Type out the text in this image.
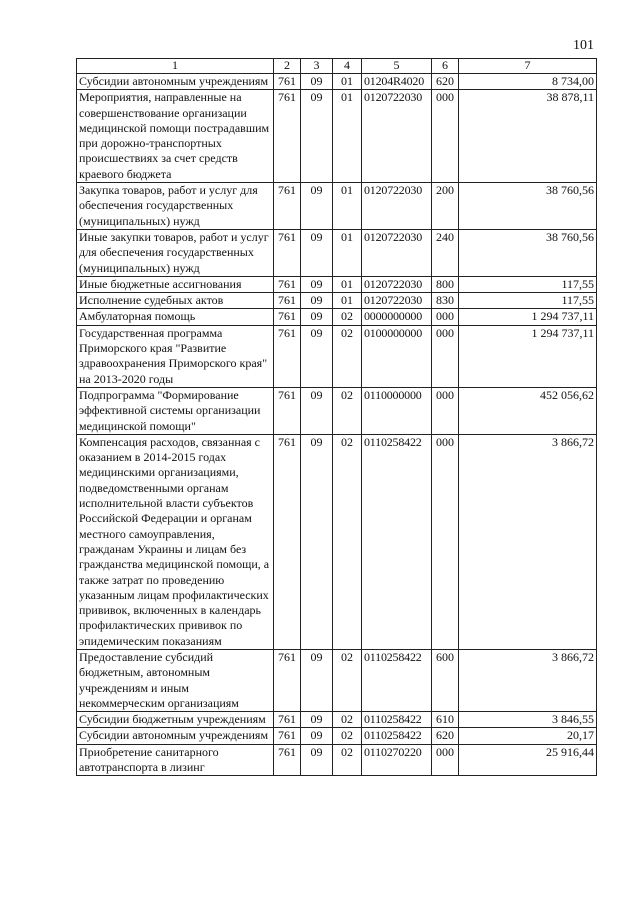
101
1	2	3	4	5	6	7
Субсидии автономным учреждениям	761	09	01	01204R4020	620	8 734,00
Мероприятия, направленные на совершенствование организации медицинской помощи пострадавшим при дорожно-транспортных происшествиях за счет средств краевого бюджета	761	09	01	0120722030	000	38 878,11
Закупка товаров, работ и услуг для обеспечения государственных (муниципальных) нужд	761	09	01	0120722030	200	38 760,56
Иные закупки товаров, работ и услуг для обеспечения государственных (муниципальных) нужд	761	09	01	0120722030	240	38 760,56
Иные бюджетные ассигнования	761	09	01	0120722030	800	117,55
Исполнение судебных актов	761	09	01	0120722030	830	117,55
Амбулаторная помощь	761	09	02	0000000000	000	1 294 737,11
Государственная программа Приморского края "Развитие здравоохранения Приморского края" на 2013-2020 годы	761	09	02	0100000000	000	1 294 737,11
Подпрограмма "Формирование эффективной системы организации медицинской помощи"	761	09	02	0110000000	000	452 056,62
Компенсация расходов, связанная с оказанием в 2014-2015 годах медицинскими организациями, подведомственными органам исполнительной власти субъектов Российской Федерации и органам местного самоуправления, гражданам Украины и лицам без гражданства медицинской помощи, а также затрат по проведению указанным лицам профилактических прививок, включенных в календарь профилактических прививок по эпидемическим показаниям	761	09	02	0110258422	000	3 866,72
Предоставление субсидий бюджетным, автономным учреждениям и иным некоммерческим организациям	761	09	02	0110258422	600	3 866,72
Субсидии бюджетным учреждениям	761	09	02	0110258422	610	3 846,55
Субсидии автономным учреждениям	761	09	02	0110258422	620	20,17
Приобретение санитарного автотранспорта в лизинг	761	09	02	0110270220	000	25 916,44
